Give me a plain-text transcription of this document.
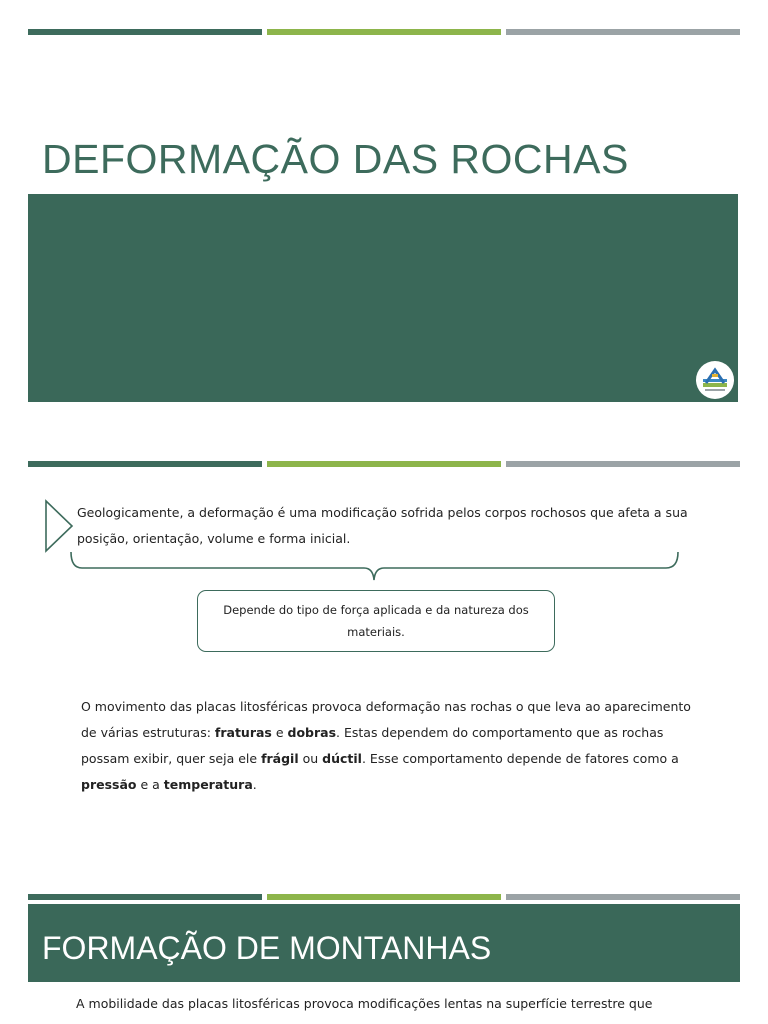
DEFORMAÇÃO DAS ROCHAS

Geologicamente, a deformação é uma modificação sofrida pelos corpos rochosos que afeta a sua posição, orientação, volume e forma inicial.

Depende do tipo de força aplicada e da natureza dos materiais.

O movimento das placas litosféricas provoca deformação nas rochas o que leva ao aparecimento de várias estruturas: fraturas e dobras. Estas dependem do comportamento que as rochas possam exibir, quer seja ele frágil ou dúctil. Esse comportamento depende de fatores como a pressão e a temperatura.

FORMAÇÃO DE MONTANHAS

A mobilidade das placas litosféricas provoca modificações lentas na superfície terrestre que
